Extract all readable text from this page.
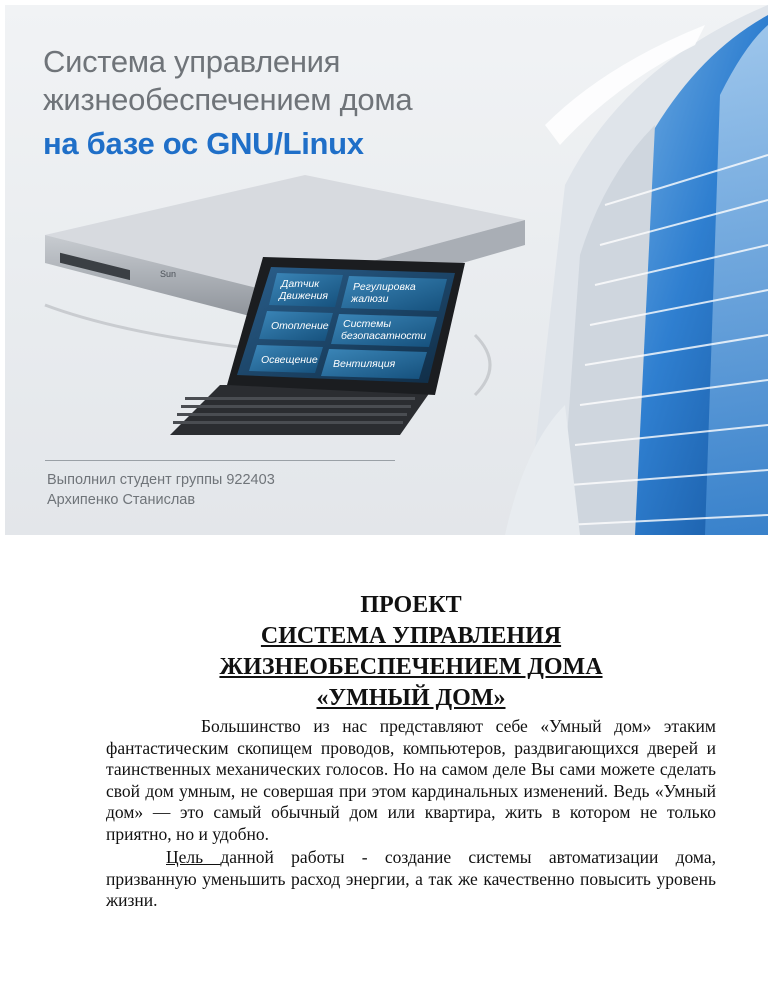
Sun
Датчик
Движения
Регулировка
жалюзи
Отопление Системы
безопасатности
Освещение Вентиляция
Система управления
жизнеобеспечением дома
на базе ос GNU/Linux
Выполнил студент группы 922403
Архипенко Станислав
ПРОЕКТ
СИСТЕМА УПРАВЛЕНИЯ
ЖИЗНЕОБЕСПЕЧЕНИЕМ ДОМА
«УМНЫЙ ДОМ»

Большинство из нас представляют себе «Умный дом» этаким фантастическим скопищем проводов, компьютеров, раздвигающихся дверей и таинственных механических голосов. Но на самом деле Вы сами можете сделать свой дом умным, не совершая при этом кардинальных изменений. Ведь «Умный дом» — это самый обычный дом или квартира, жить в котором не только приятно, но и удобно.

Цель данной работы - создание системы автоматизации дома, призванную уменьшить расход энергии, а так же качественно повысить уровень жизни.
